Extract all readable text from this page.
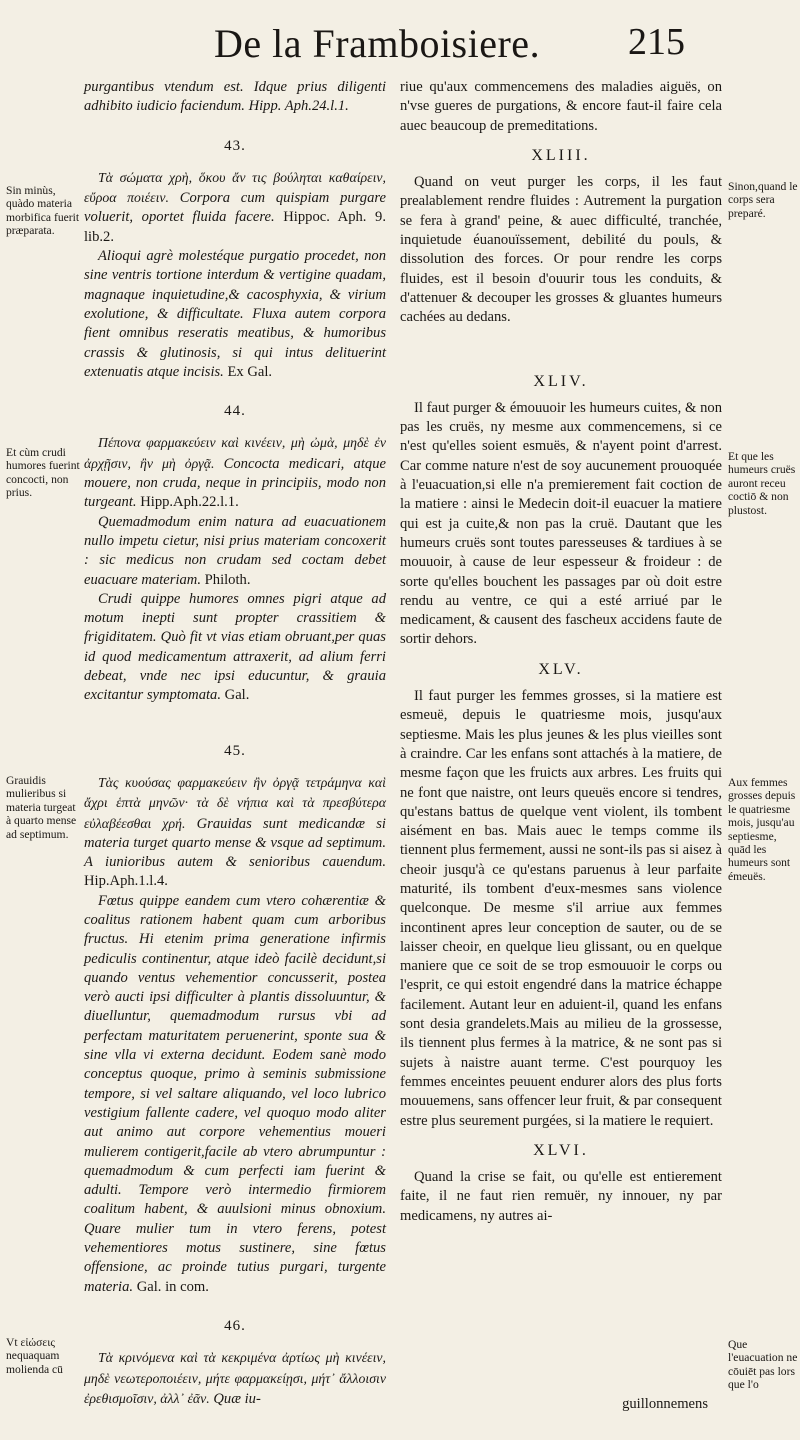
De la Framboisiere. 215

purgantibus vtendum est. Idque prius diligenti adhibito iudicio faciendum. Hipp. Aph.24.l.1.

43.

Τὰ σώματα χρὴ, ὅκου ἄν τις βούληται καθαίρειν, εὔροα ποιέειν. Corpora cum quispiam purgare voluerit, oportet fluida facere. Hippoc. Aph. 9. lib.2.

Alioqui agrè molestéque purgatio procedet, non sine ventris tortione interdum & vertigine quadam, magnaque inquietudine,& cacosphyxia, & virium exolutione, & difficultate. Fluxa autem corpora fient omnibus reseratis meatibus, & humoribus crassis & glutinosis, si qui intus delituerint extenuatis atque incisis. Ex Gal.

44.

Πέπονα φαρμακεύειν καὶ κινέειν, μὴ ὠμὰ, μηδὲ ἐν ἀρχῇσιν, ἢν μὴ ὀργᾷ. Concocta medicari, atque mouere, non cruda, neque in principiis, modo non turgeant. Hipp.Aph.22.l.1.

Quemadmodum enim natura ad euacuationem nullo impetu cietur, nisi prius materiam concoxerit : sic medicus non crudam sed coctam debet euacuare materiam. Philoth.

Crudi quippe humores omnes pigri atque ad motum inepti sunt propter crassitiem & frigiditatem. Quò fit vt vias etiam obruant,per quas id quod medicamentum attraxerit, ad alium ferri debeat, vnde nec ipsi educuntur, & grauia excitantur symptomata. Gal.

45.

Τὰς κυούσας φαρμακεύειν ἢν ὀργᾷ τετράμηνα καὶ ἄχρι ἑπτὰ μηνῶν· τὰ δὲ νήπια καὶ τὰ πρεσβύτερα εὐλαβέεσθαι χρή. Grauidas sunt medicandæ si materia turget quarto mense & vsque ad septimum. A iunioribus autem & senioribus cauendum. Hip.Aph.1.l.4.

Fœtus quippe eandem cum vtero cohærentiæ & coalitus rationem habent quam cum arboribus fructus. Hi etenim prima generatione infirmis pediculis continentur, atque ideò facilè decidunt,si quando ventus vehementior concusserit, postea verò aucti ipsi difficulter à plantis dissoluuntur, & diuelluntur, quemadmodum rursus vbi ad perfectam maturitatem peruenerint, sponte sua & sine vlla vi externa decidunt. Eodem sanè modo conceptus quoque, primo à seminis submissione tempore, si vel saltare aliquando, vel loco lubrico vestigium fallente cadere, vel quoquo modo aliter aut animo aut corpore vehementius moueri mulierem contigerit,facile ab vtero abrumpuntur : quemadmodum & cum perfecti iam fuerint & adulti. Tempore verò intermedio firmiorem coalitum habent, & auulsioni minus obnoxium. Quare mulier tum in vtero ferens, potest vehementiores motus sustinere, sine fœtus offensione, ac proinde tutius purgari, turgente materia. Gal. in com.

46.

Τὰ κρινόμενα καὶ τὰ κεκριμένα ἀρτίως μὴ κινέειν, μηδὲ νεωτεροποιέειν, μήτε φαρμακείῃσι, μήτ᾽ ἄλλοισιν ἐρεθισμοῖσιν, ἀλλ᾽ ἐᾶν. Quæ iu-

riue qu'aux commencemens des maladies aiguës, on n'vse gueres de purgations, & encore faut-il faire cela auec beaucoup de premeditations.

XLIII.

Quand on veut purger les corps, il les faut prealablement rendre fluides : Autrement la purgation se fera à grand' peine, & auec difficulté, tranchée, inquietude éuanouïssement, debilité du pouls, & dissolution des forces. Or pour rendre les corps fluides, est il besoin d'ouurir tous les conduits, & d'attenuer & decouper les grosses & gluantes humeurs cachées au dedans.

XLIV.

Il faut purger & émouuoir les humeurs cuites, & non pas les cruës, ny mesme aux commencemens, si ce n'est qu'elles soient esmuës, & n'ayent point d'arrest. Car comme nature n'est de soy aucunement prouoquée à l'euacuation,si elle n'a premierement fait coction de la matiere : ainsi le Medecin doit-il euacuer la matiere qui est ja cuite,& non pas la cruë. Dautant que les humeurs cruës sont toutes paresseuses & tardiues à se mouuoir, à cause de leur espesseur & froideur : de sorte qu'elles bouchent les passages par où doit estre rendu au ventre, ce qui a esté arriué par le medicament, & causent des fascheux accidens faute de sortir dehors.

XLV.

Il faut purger les femmes grosses, si la matiere est esmeuë, depuis le quatriesme mois, jusqu'aux septiesme. Mais les plus jeunes & les plus vieilles sont à craindre. Car les enfans sont attachés à la matiere, de mesme façon que les fruicts aux arbres. Les fruits qui ne font que naistre, ont leurs queuës encore si tendres, qu'estans battus de quelque vent violent, ils tombent aisément en bas. Mais auec le temps comme ils tiennent plus fermement, aussi ne sont-ils pas si aisez à cheoir jusqu'à ce qu'estans paruenus à leur parfaite maturité, ils tombent d'eux-mesmes sans violence quelconque. De mesme s'il arriue aux femmes incontinent apres leur conception de sauter, ou de se laisser cheoir, en quelque lieu glissant, ou en quelque maniere que ce soit de se trop esmouuoir le corps ou l'esprit, ce qui estoit engendré dans la matrice échappe facilement. Autant leur en aduient-il, quand les enfans sont desia grandelets.Mais au milieu de la grossesse, ils tiennent plus fermes à la matrice, & ne sont pas si sujets à naistre auant terme. C'est pourquoy les femmes enceintes peuuent endurer alors des plus forts mouuemens, sans offencer leur fruit, & par consequent estre plus seurement purgées, si la matiere le requiert.

XLVI.

Quand la crise se fait, ou qu'elle est entierement faite, il ne faut rien remuër, ny innouer, ny par medicamens, ny autres ai-

guillonnemens
Sin minùs, quàdo materia morbifica fuerit præparata.
Et cùm crudi humores fuerint concocti, non prius.
Grauidis mulieribus si materia turgeat à quarto mense ad septimum.
Vt εἰώσεις nequaquam molienda cū
Sinon,quand le corps sera preparé.
Et que les humeurs cruës auront receu coctiō & non plustost.
Aux femmes grosses depuis le quatriesme mois, jusqu'au septiesme, quād les humeurs sont émeuës.
Que l'euacuation ne cōuiēt pas lors que l'o
